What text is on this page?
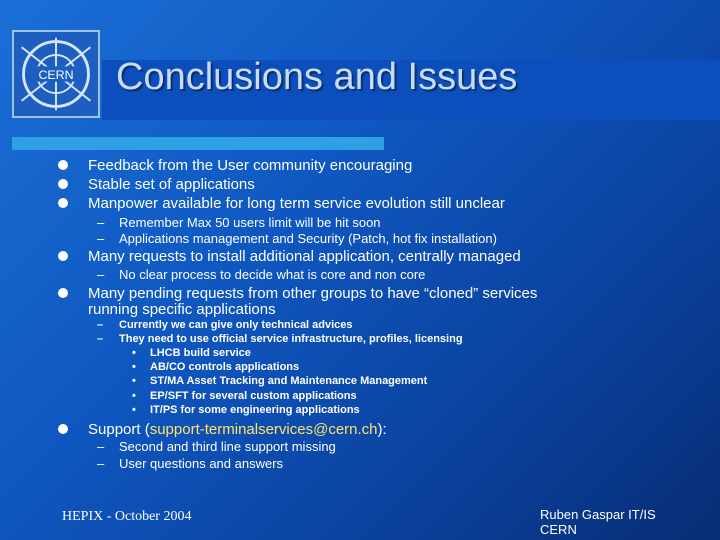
CERN Conclusions and Issues
Feedback from the User community encouraging
Stable set of applications
Manpower available for long term service evolution still unclear
– Remember Max 50 users limit will be hit soon
– Applications management and Security (Patch, hot fix installation)
Many requests to install additional application, centrally managed
– No clear process to decide what is core and non core
Many pending requests from other groups to have “cloned” services
running specific applications
– Currently we can give only technical advices
– They need to use official service infrastructure, profiles, licensing
• LHCB build service
• AB/CO controls applications
• ST/MA Asset Tracking and Maintenance Management
• EP/SFT for several custom applications
• IT/PS for some engineering applications
Support (support-terminalservices@cern.ch):
– Second and third line support missing
– User questions and answers
HEPIX - October 2004	Ruben Gaspar IT/IS
CERN
